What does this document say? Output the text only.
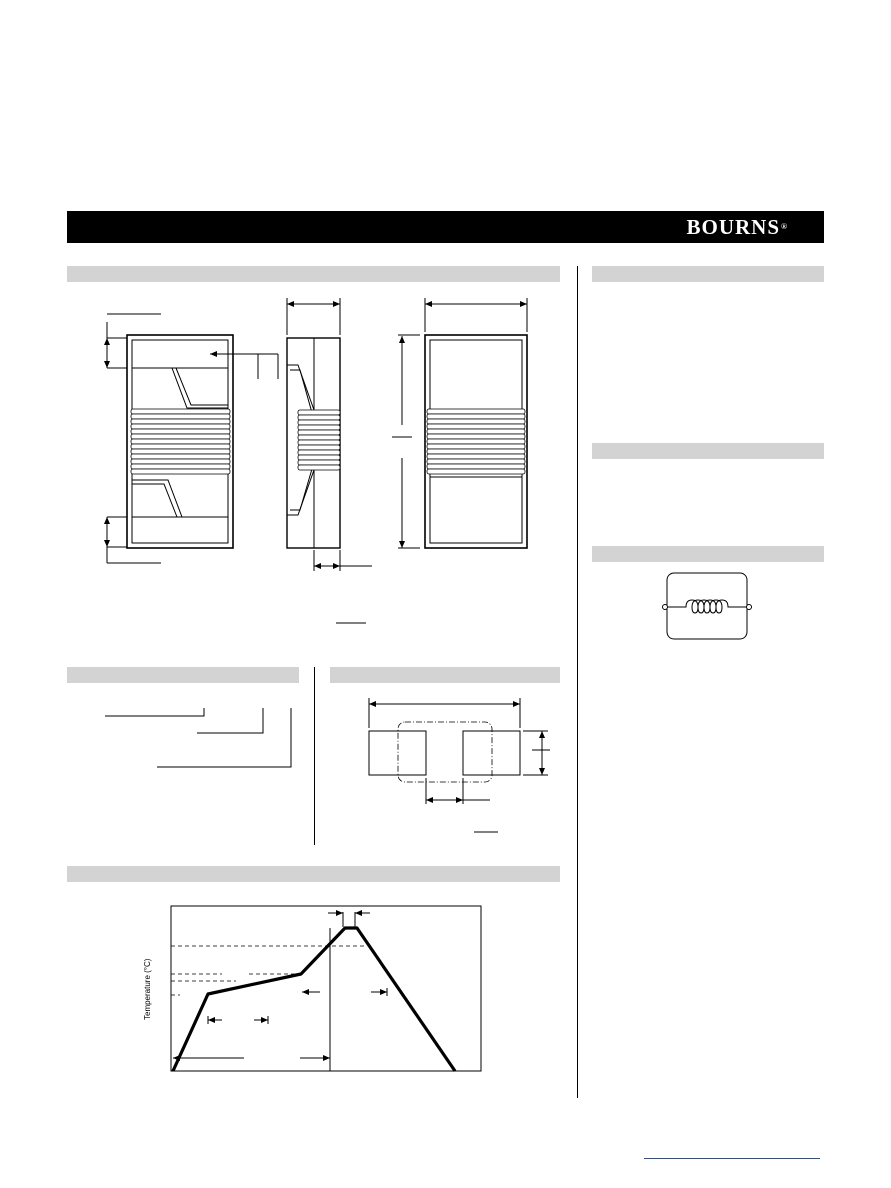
BOURNS®
Temperature (°C)
